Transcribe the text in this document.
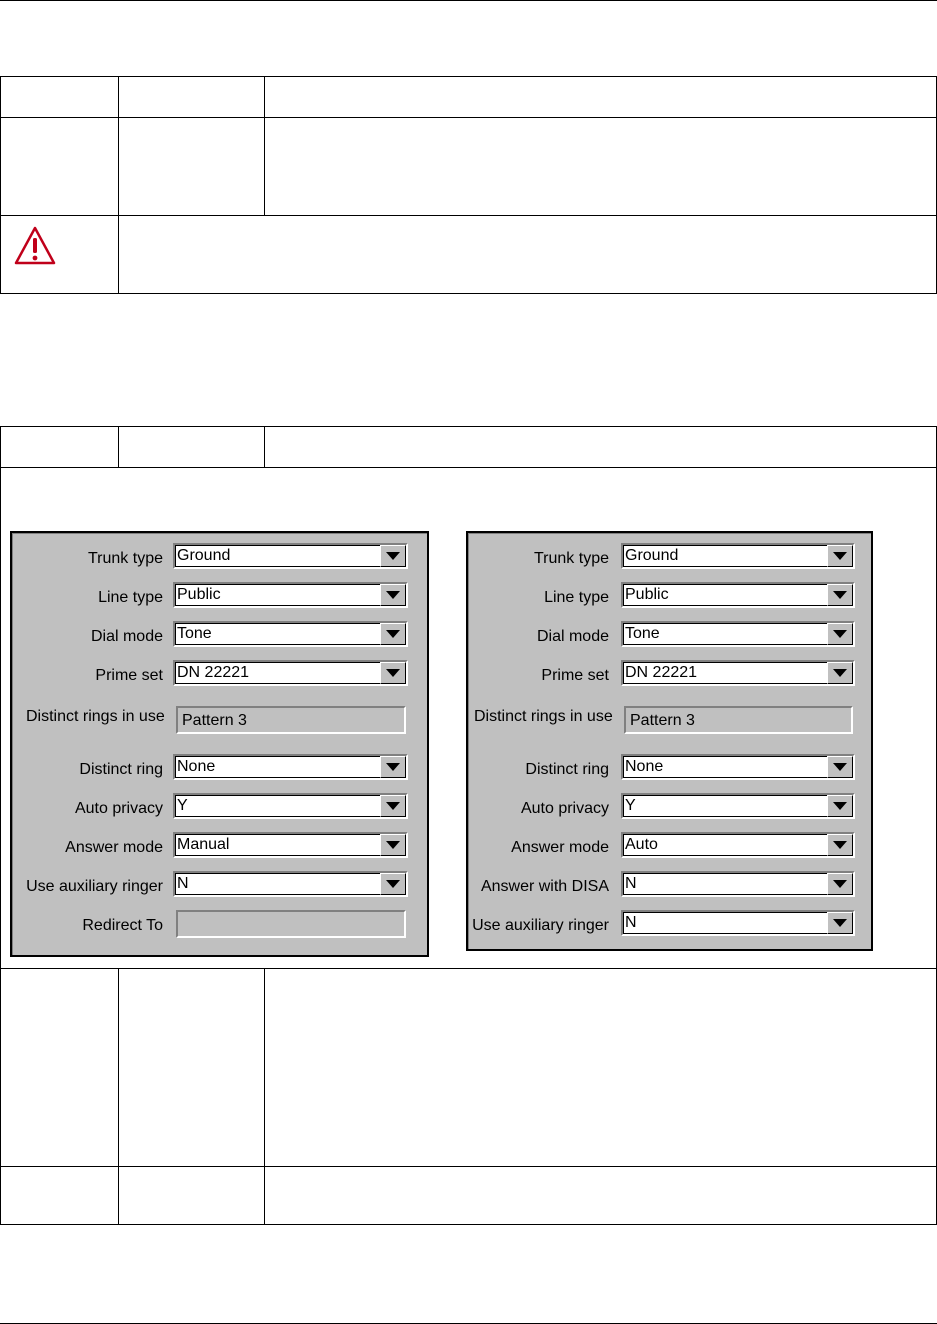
Trunk type Ground
Line type Public
Dial mode Tone
Prime set DN 22221
Distinct rings in use Pattern 3
Distinct ring None
Auto privacy Y
Answer mode Manual
Use auxiliary ringer N
Redirect To
Trunk type Ground
Line type Public
Dial mode Tone
Prime set DN 22221
Distinct rings in use Pattern 3
Distinct ring None
Auto privacy Y
Answer mode Auto
Answer with DISA N
Use auxiliary ringer N
